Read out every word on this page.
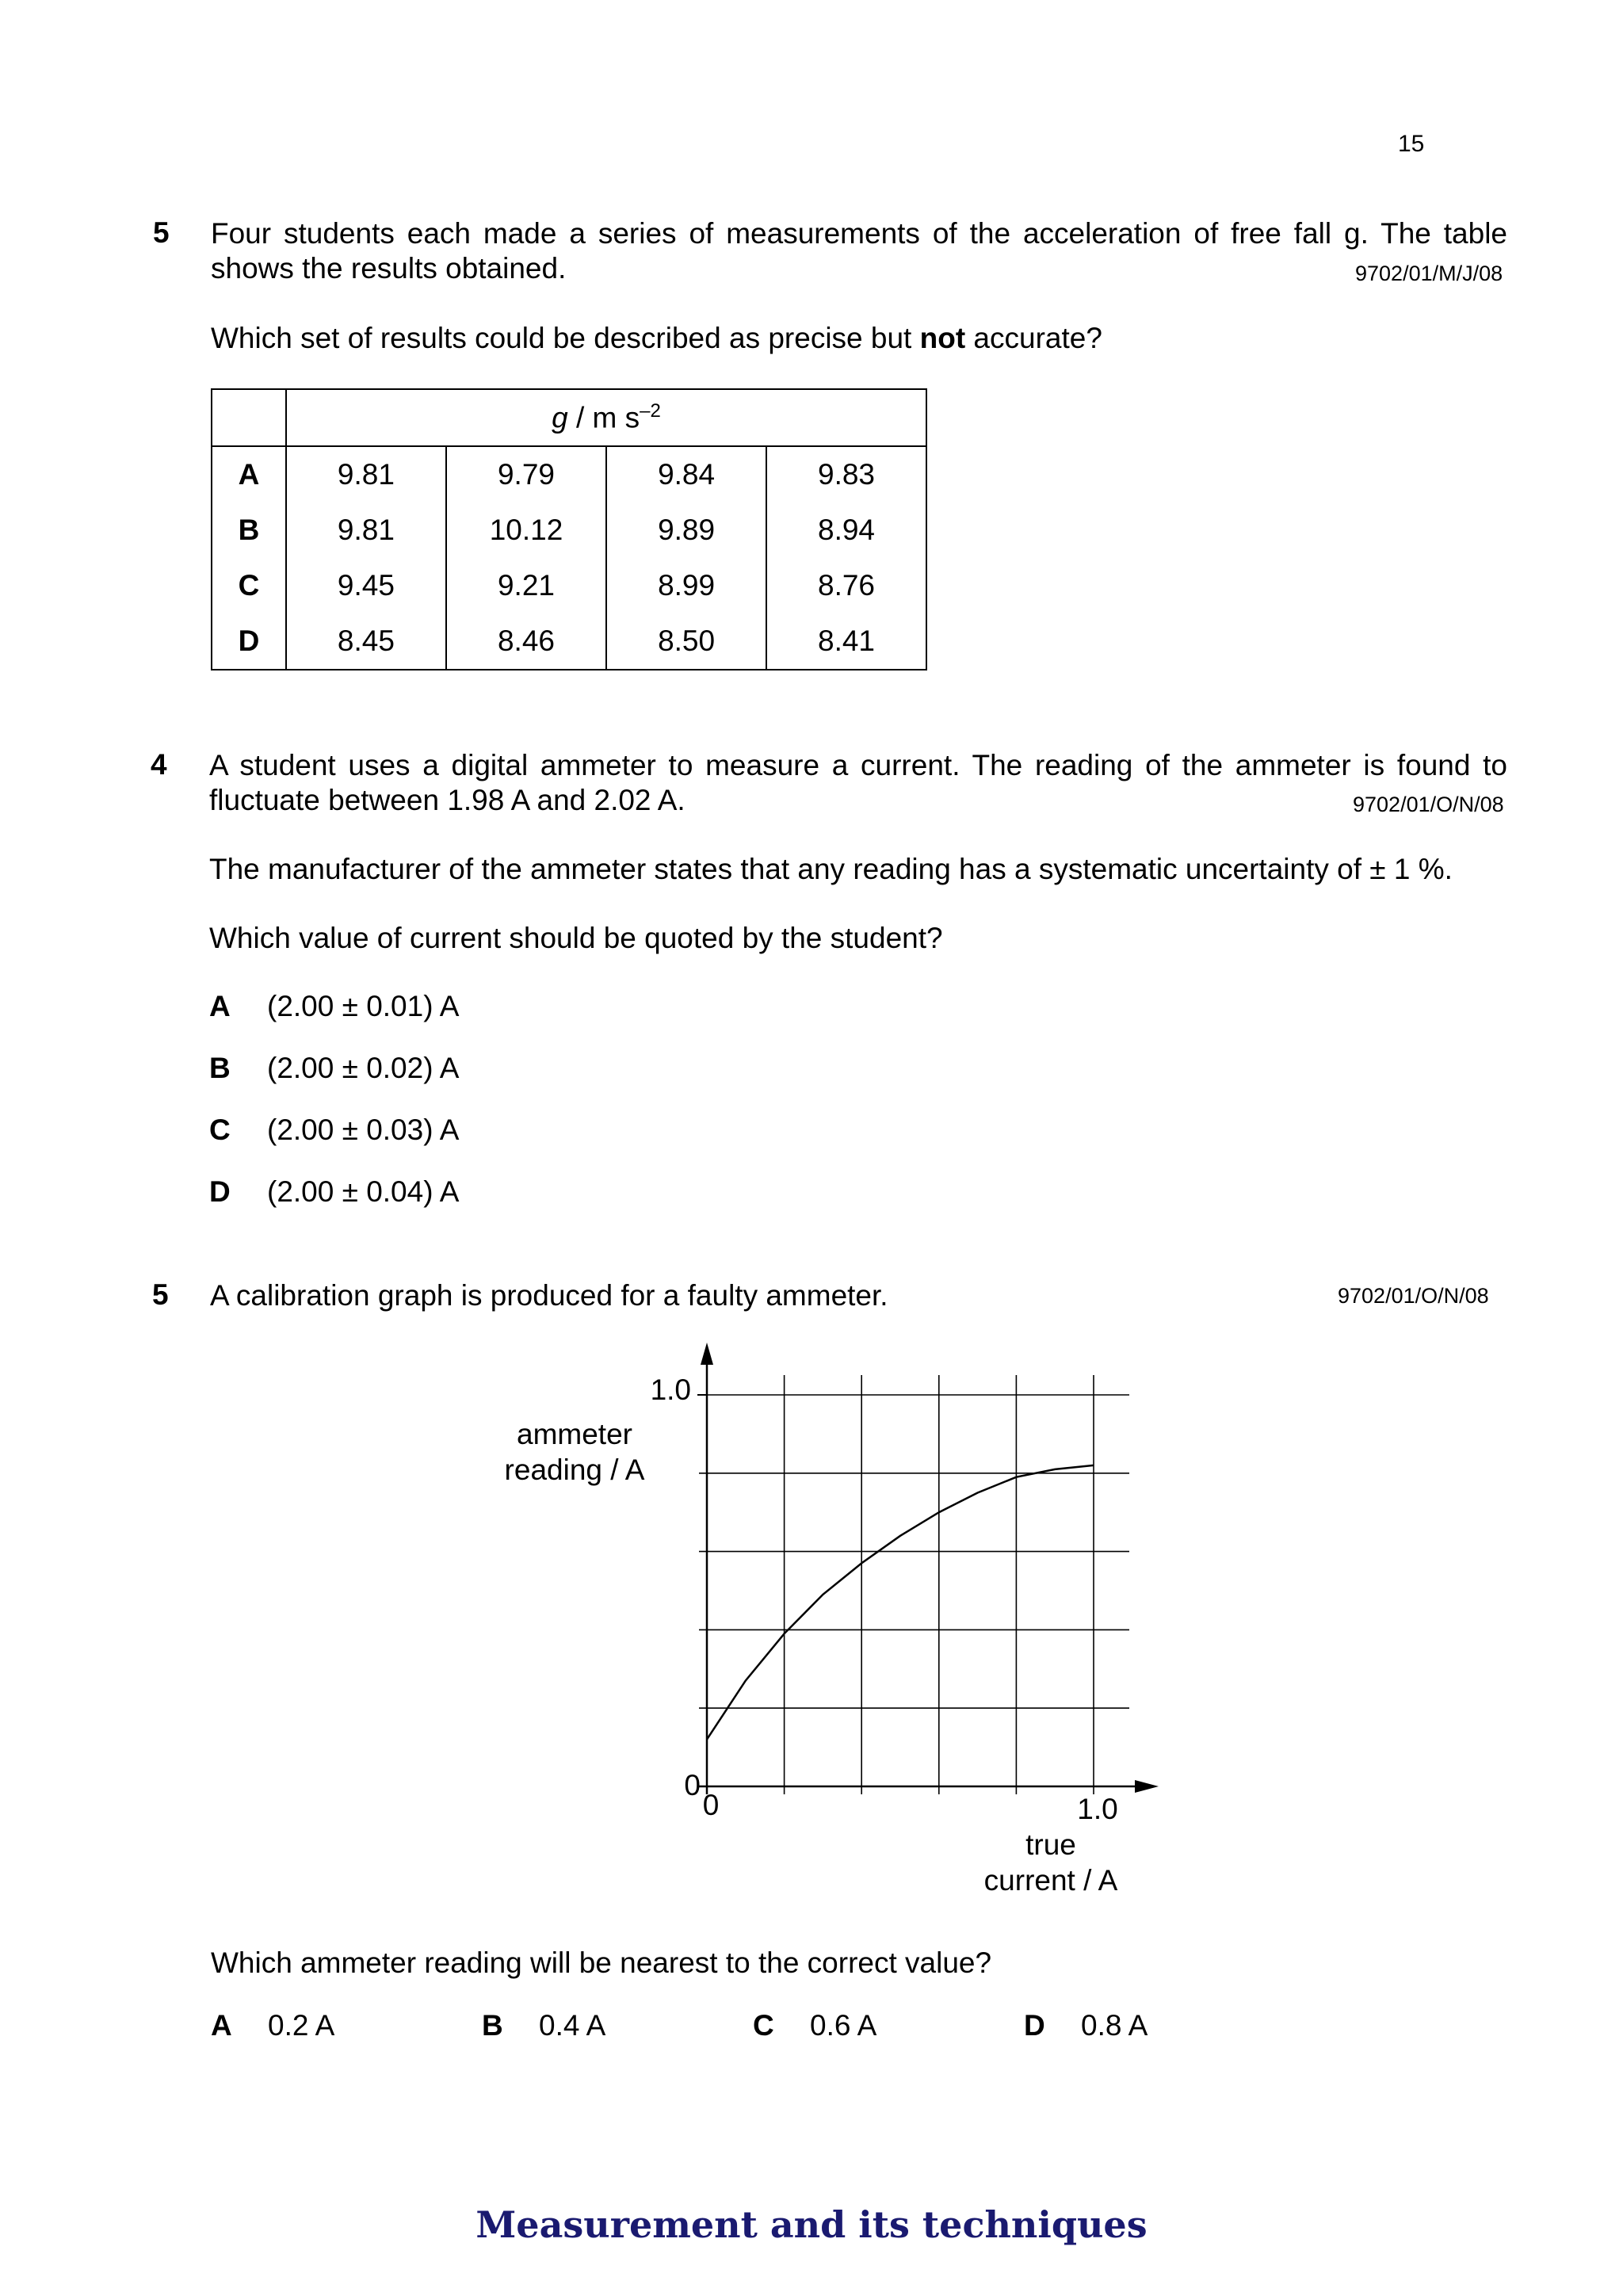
15
5 Four students each made a series of measurements of the acceleration of free fall g. The table
shows the results obtained.	9702/01/M/J/08
Which set of results could be described as precise but not accurate?
	g / m $s^{-2}$
A	9.81	9.79	9.84	9.83
B	9.81	10.12	9.89	8.94
C	9.45	9.21	8.99	8.76
D	8.45	8.46	8.50	8.41
4 A student uses a digital ammeter to measure a current. The reading of the ammeter is found to
fluctuate between 1.98 A and 2.02 A.	9702/01/O/N/08
The manufacturer of the ammeter states that any reading has a systematic uncertainty of ± 1 %.
Which value of current should be quoted by the student?
A (2.00 ± 0.01) A
B (2.00 ± 0.02) A
C (2.00 ± 0.03) A
D (2.00 ± 0.04) A
5 A calibration graph is produced for a faulty ammeter.	9702/01/O/N/08
ammeter
reading / A
true
current / A
1.0
0
0	1.0
Which ammeter reading will be nearest to the correct value?
A 0.2 A	B 0.4 A	C 0.6 A	D 0.8 A
Measurement and its techniques
